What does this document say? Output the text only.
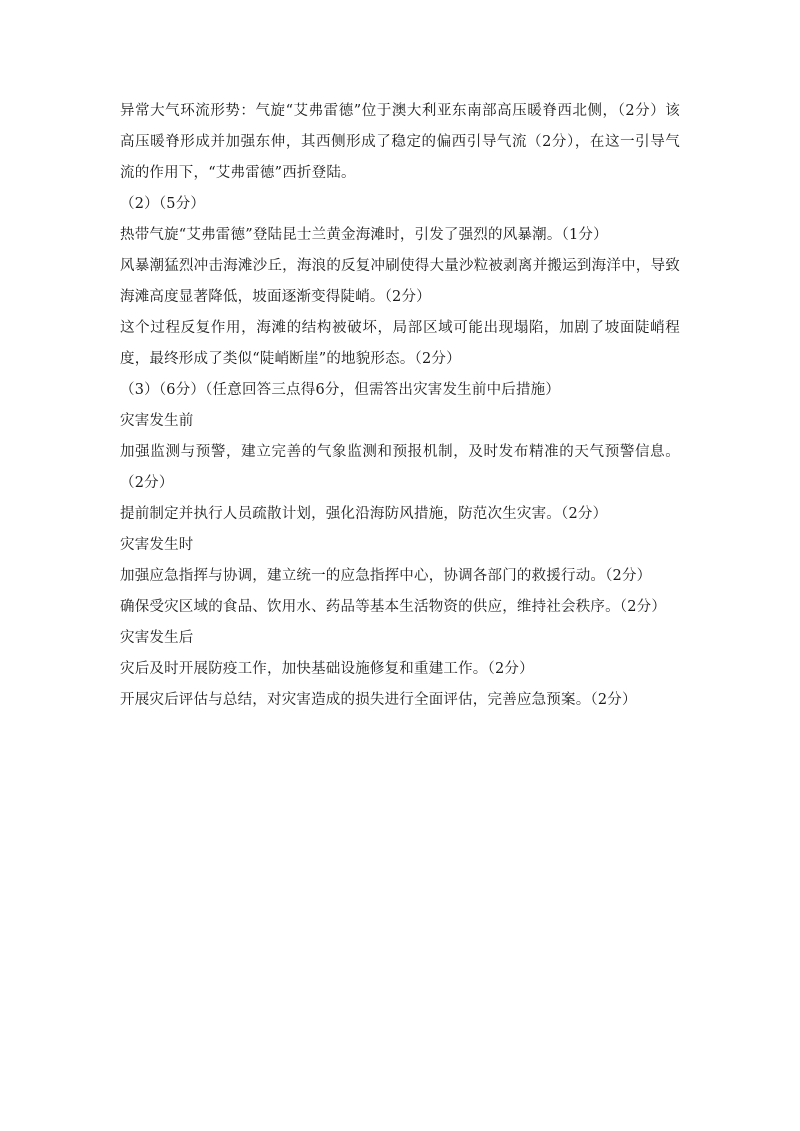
异常大气环流形势：气旋“艾弗雷德”位于澳大利亚东南部高压暖脊西北侧，（2分）该高压暖脊形成并加强东伸，其西侧形成了稳定的偏西引导气流（2分），在这一引导气流的作用下，“艾弗雷德”西折登陆。

（2）（5分）

热带气旋“艾弗雷德”登陆昆士兰黄金海滩时，引发了强烈的风暴潮。（1分）

风暴潮猛烈冲击海滩沙丘，海浪的反复冲刷使得大量沙粒被剥离并搬运到海洋中，导致海滩高度显著降低，坡面逐渐变得陡峭。（2分）

这个过程反复作用，海滩的结构被破坏，局部区域可能出现塌陷，加剧了坡面陡峭程度，最终形成了类似“陡峭断崖”的地貌形态。（2分）

（3）（6分）（任意回答三点得6分，但需答出灾害发生前中后措施）

灾害发生前

加强监测与预警，建立完善的气象监测和预报机制，及时发布精准的天气预警信息。（2分）

提前制定并执行人员疏散计划，强化沿海防风措施，防范次生灾害。（2分）

灾害发生时

加强应急指挥与协调，建立统一的应急指挥中心，协调各部门的救援行动。（2分）

确保受灾区域的食品、饮用水、药品等基本生活物资的供应，维持社会秩序。（2分）

灾害发生后

灾后及时开展防疫工作，加快基础设施修复和重建工作。（2分）

开展灾后评估与总结，对灾害造成的损失进行全面评估，完善应急预案。（2分）
